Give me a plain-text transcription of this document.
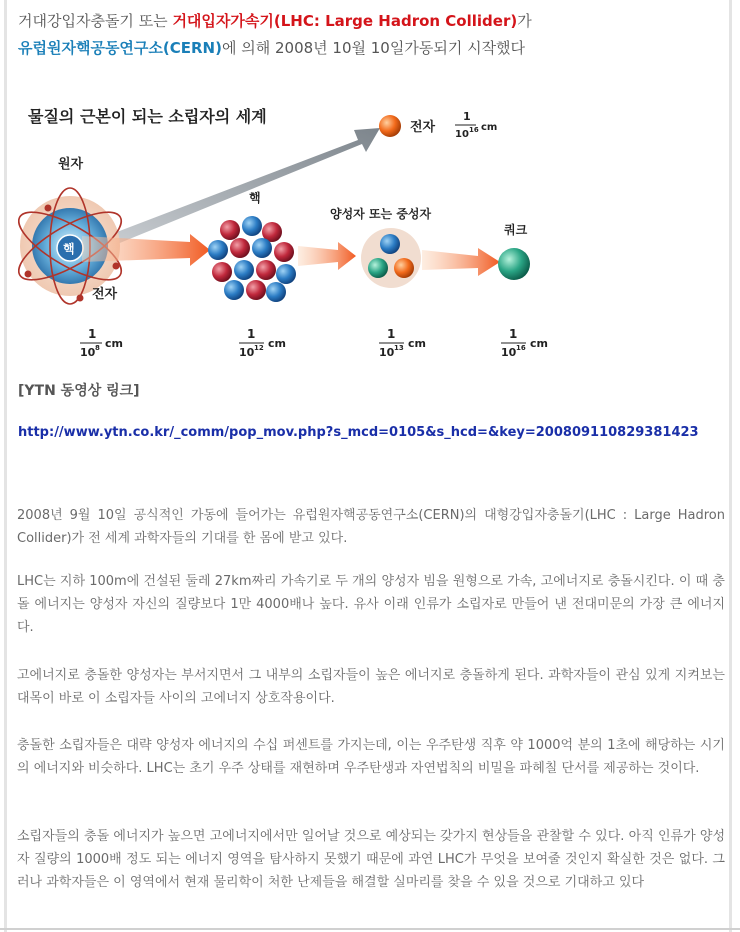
거대강입자충돌기 또는 거대입자가속기(LHC: Large Hadron Collider)가
유럽원자핵공동연구소(CERN)에 의해 2008년 10월 10일가동되기 시작했다
물질의 근본이 되는 소립자의 세계
원자
핵
전자
핵
양성자 또는 중성자
쿼크
전자
1
10 16 cm
1
10 8 cm
1
10 12 cm
1
10 13 cm
1
10 16 cm
[YTN 동영상 링크]
http://www.ytn.co.kr/_comm/pop_mov.php?s_mcd=0105&s_hcd=&key=200809110829381423
2008년 9월 10일 공식적인 가동에 들어가는 유럽원자핵공동연구소(CERN)의 대형강입자충돌기(LHC : Large Hadron Collider)가 전 세계 과학자들의 기대를 한 몸에 받고 있다.
LHC는 지하 100m에 건설된 둘레 27km짜리 가속기로 두 개의 양성자 빔을 원형으로 가속, 고에너지로 충돌시킨다. 이 때 충돌 에너지는 양성자 자신의 질량보다 1만 4000배나 높다. 유사 이래 인류가 소립자로 만들어 낸 전대미문의 가장 큰 에너지다.
고에너지로 충돌한 양성자는 부서지면서 그 내부의 소립자들이 높은 에너지로 충돌하게 된다. 과학자들이 관심 있게 지켜보는 대목이 바로 이 소립자들 사이의 고에너지 상호작용이다.
충돌한 소립자들은 대략 양성자 에너지의 수십 퍼센트를 가지는데, 이는 우주탄생 직후 약 1000억 분의 1초에 해당하는 시기의 에너지와 비슷하다. LHC는 초기 우주 상태를 재현하며 우주탄생과 자연법칙의 비밀을 파헤칠 단서를 제공하는 것이다.
소립자들의 충돌 에너지가 높으면 고에너지에서만 일어날 것으로 예상되는 갖가지 현상들을 관찰할 수 있다. 아직 인류가 양성자 질량의 1000배 정도 되는 에너지 영역을 탐사하지 못했기 때문에 과연 LHC가 무엇을 보여줄 것인지 확실한 것은 없다. 그러나 과학자들은 이 영역에서 현재 물리학이 처한 난제들을 해결할 실마리를 찾을 수 있을 것으로 기대하고 있다
